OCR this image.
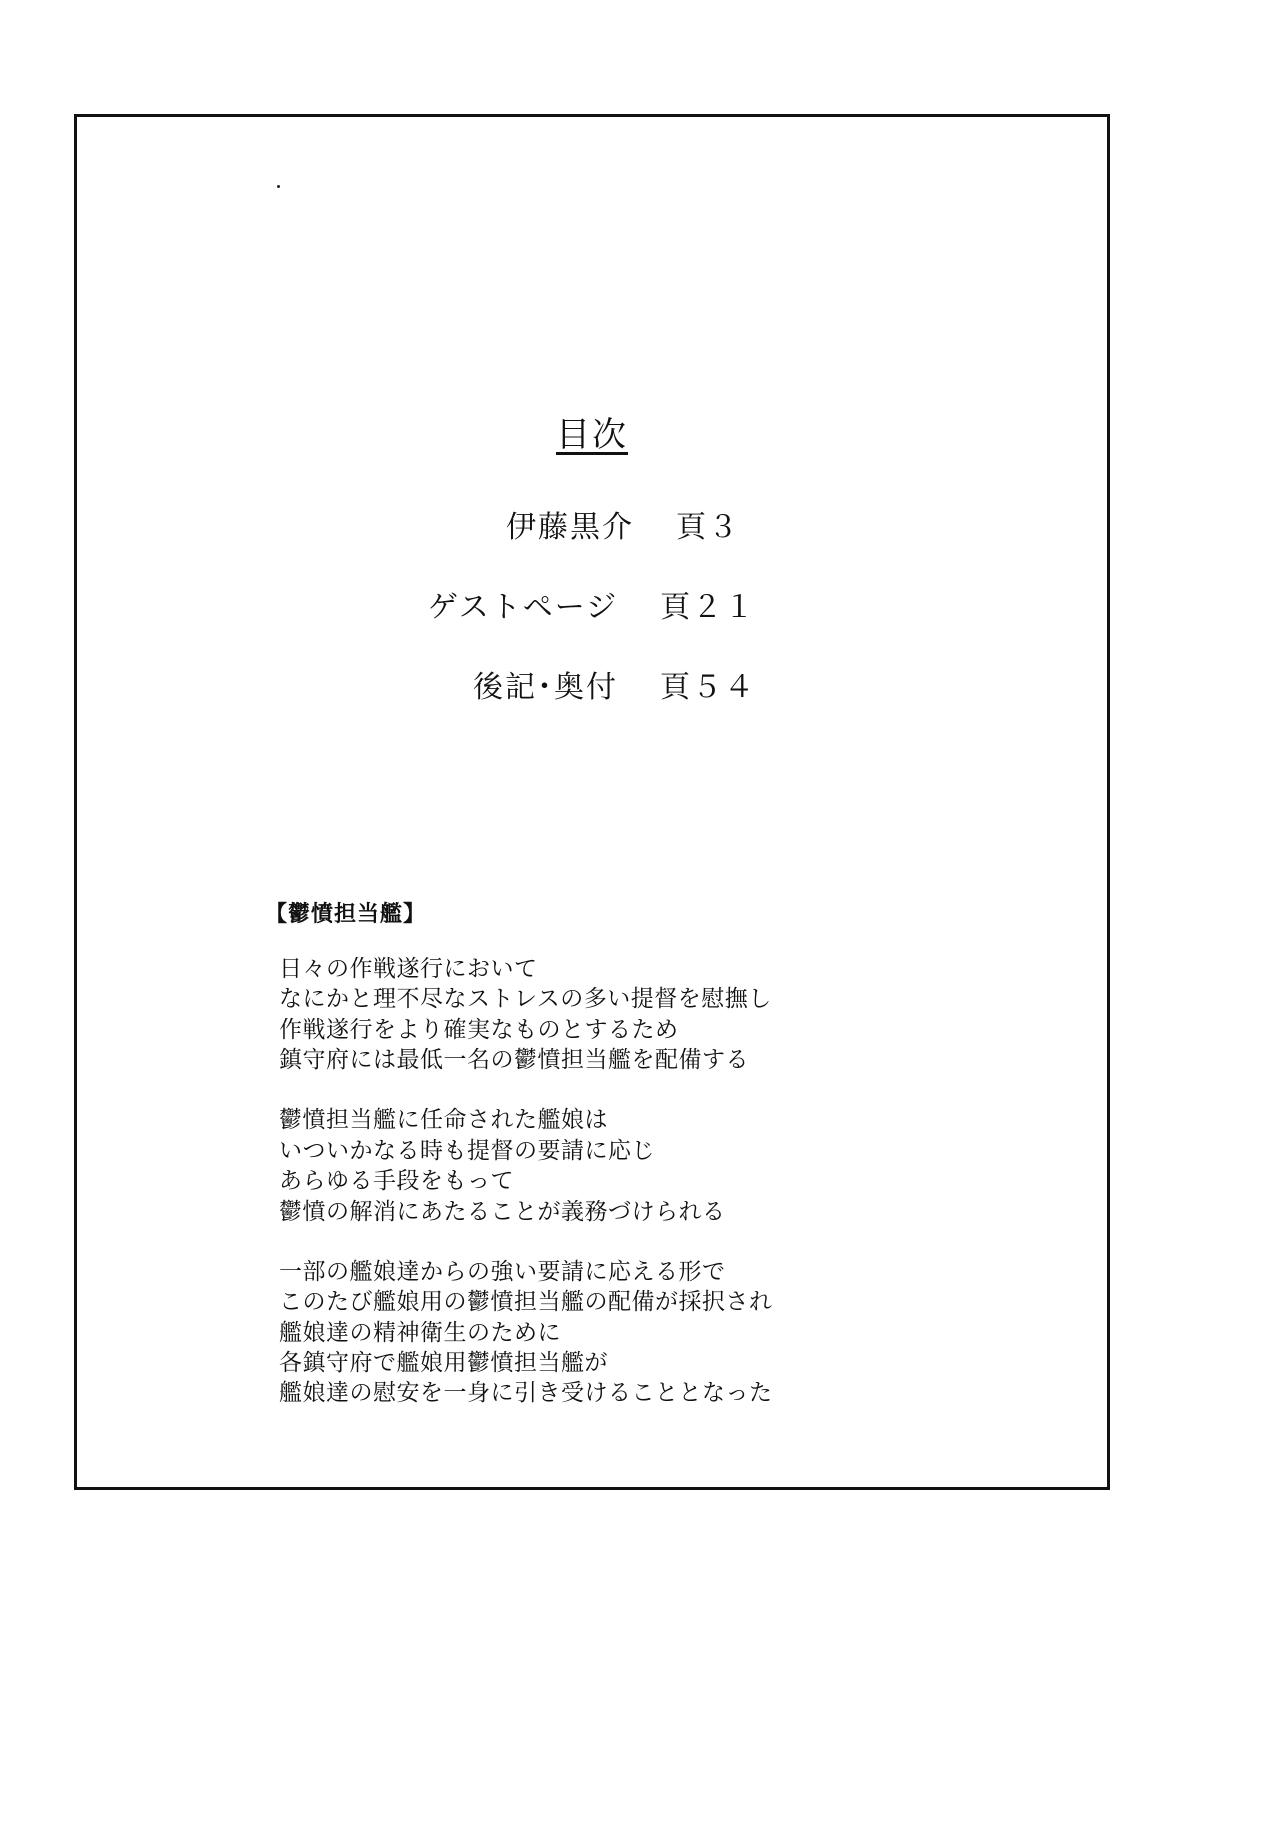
目次
伊藤黒介 頁３
ゲストページ 頁２１
後記･奥付 頁５４
【鬱憤担当艦】
日々の作戦遂行において
なにかと理不尽なストレスの多い提督を慰撫し
作戦遂行をより確実なものとするため
鎮守府には最低一名の鬱憤担当艦を配備する
鬱憤担当艦に任命された艦娘は
いついかなる時も提督の要請に応じ
あらゆる手段をもって
鬱憤の解消にあたることが義務づけられる
一部の艦娘達からの強い要請に応える形で
このたび艦娘用の鬱憤担当艦の配備が採択され
艦娘達の精神衛生のために
各鎮守府で艦娘用鬱憤担当艦が
艦娘達の慰安を一身に引き受けることとなった
